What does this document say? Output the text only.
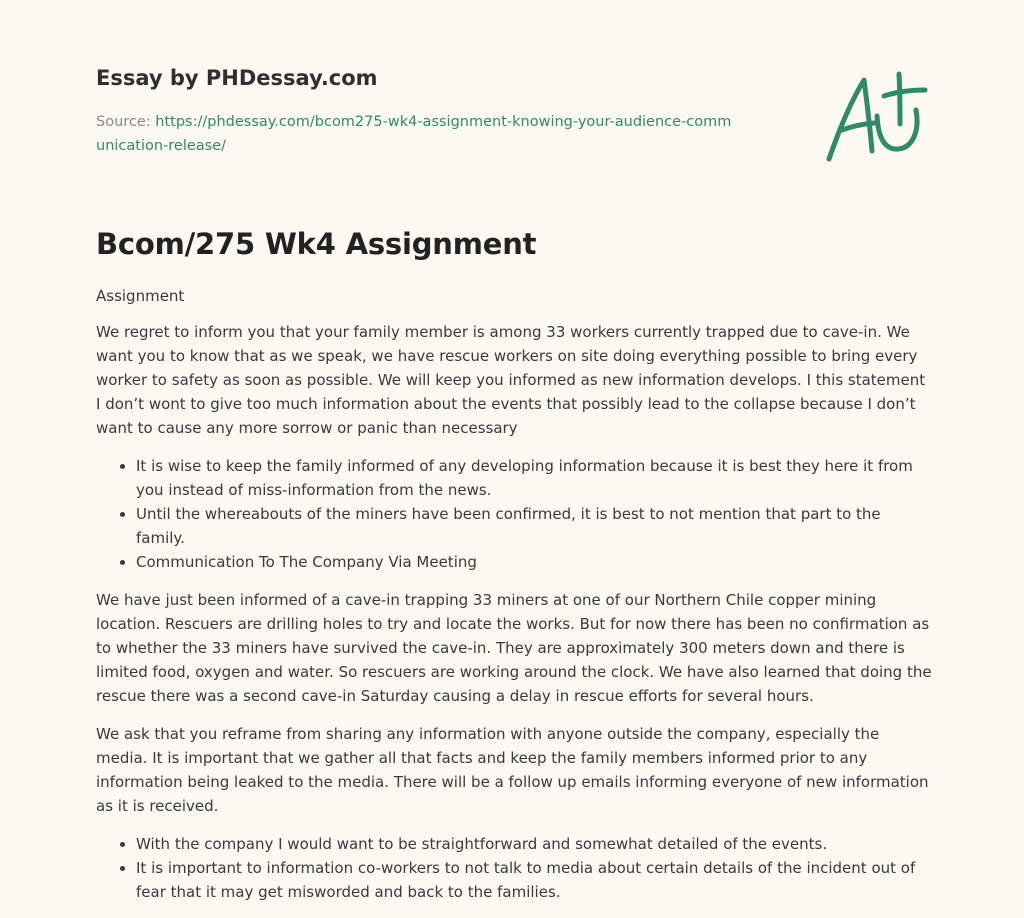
Essay by PHDessay.com
Source: https://phdessay.com/bcom275-wk4-assignment-knowing-your-audience-communication-release/
Bcom/275 Wk4 Assignment

Assignment

We regret to inform you that your family member is among 33 workers currently trapped due to cave-in. We want you to know that as we speak, we have rescue workers on site doing everything possible to bring every worker to safety as soon as possible. We will keep you informed as new information develops. I this statement I don’t wont to give too much information about the events that possibly lead to the collapse because I don’t want to cause any more sorrow or panic than necessary

• It is wise to keep the family informed of any developing information because it is best they here it from you instead of miss-information from the news.
• Until the whereabouts of the miners have been confirmed, it is best to not mention that part to the family.
• Communication To The Company Via Meeting

We have just been informed of a cave-in trapping 33 miners at one of our Northern Chile copper mining location. Rescuers are drilling holes to try and locate the works. But for now there has been no confirmation as to whether the 33 miners have survived the cave-in. They are approximately 300 meters down and there is limited food, oxygen and water. So rescuers are working around the clock. We have also learned that doing the rescue there was a second cave-in Saturday causing a delay in rescue efforts for several hours.

We ask that you reframe from sharing any information with anyone outside the company, especially the media. It is important that we gather all that facts and keep the family members informed prior to any information being leaked to the media. There will be a follow up emails informing everyone of new information as it is received.

• With the company I would want to be straightforward and somewhat detailed of the events.
• It is important to information co-workers to not talk to media about certain details of the incident out of fear that it may get misworded and back to the families.
